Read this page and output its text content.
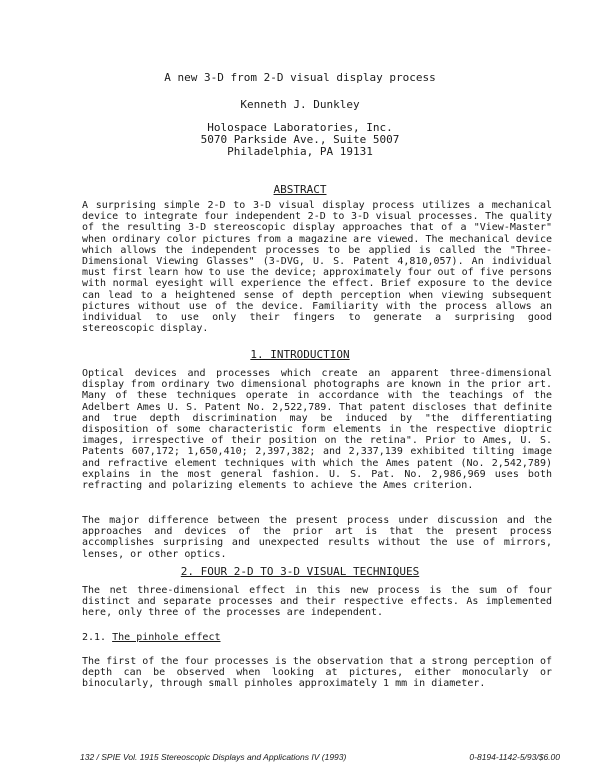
A new 3-D from 2-D visual display process
Kenneth J. Dunkley
Holospace Laboratories, Inc.
5070 Parkside Ave., Suite 5007
Philadelphia, PA 19131
ABSTRACT

A surprising simple 2-D to 3-D visual display process utilizes a mechanical device to integrate four independent 2-D to 3-D visual processes. The quality of the resulting 3-D stereoscopic display approaches that of a "View-Master" when ordinary color pictures from a magazine are viewed. The mechanical device which allows the independent processes to be applied is called the "Three-Dimensional Viewing Glasses" (3-DVG, U. S. Patent 4,810,057). An individual must first learn how to use the device; approximately four out of five persons with normal eyesight will experience the effect. Brief exposure to the device can lead to a heightened sense of depth perception when viewing subsequent pictures without use of the device. Familiarity with the process allows an individual to use only their fingers to generate a surprising good stereoscopic display.

1. INTRODUCTION

Optical devices and processes which create an apparent three-dimensional display from ordinary two dimensional photographs are known in the prior art. Many of these techniques operate in accordance with the teachings of the Adelbert Ames U. S. Patent No. 2,522,789. That patent discloses that definite and true depth discrimination may be induced by "the differentiating disposition of some characteristic form elements in the respective dioptric images, irrespective of their position on the retina". Prior to Ames, U. S. Patents 607,172; 1,650,410; 2,397,382; and 2,337,139 exhibited tilting image and refractive element techniques with which the Ames patent (No. 2,542,789) explains in the most general fashion. U. S. Pat. No. 2,986,969 uses both refracting and polarizing elements to achieve the Ames criterion.

The major difference between the present process under discussion and the approaches and devices of the prior art is that the present process accomplishes surprising and unexpected results without the use of mirrors, lenses, or other optics.

2. FOUR 2-D TO 3-D VISUAL TECHNIQUES

The net three-dimensional effect in this new process is the sum of four distinct and separate processes and their respective effects. As implemented here, only three of the processes are independent.

2.1. The pinhole effect

The first of the four processes is the observation that a strong perception of depth can be observed when looking at pictures, either monocularly or binocularly, through small pinholes approximately 1 mm in diameter.

132 / SPIE Vol. 1915 Stereoscopic Displays and Applications IV (1993)	0-8194-1142-5/93/$6.00
